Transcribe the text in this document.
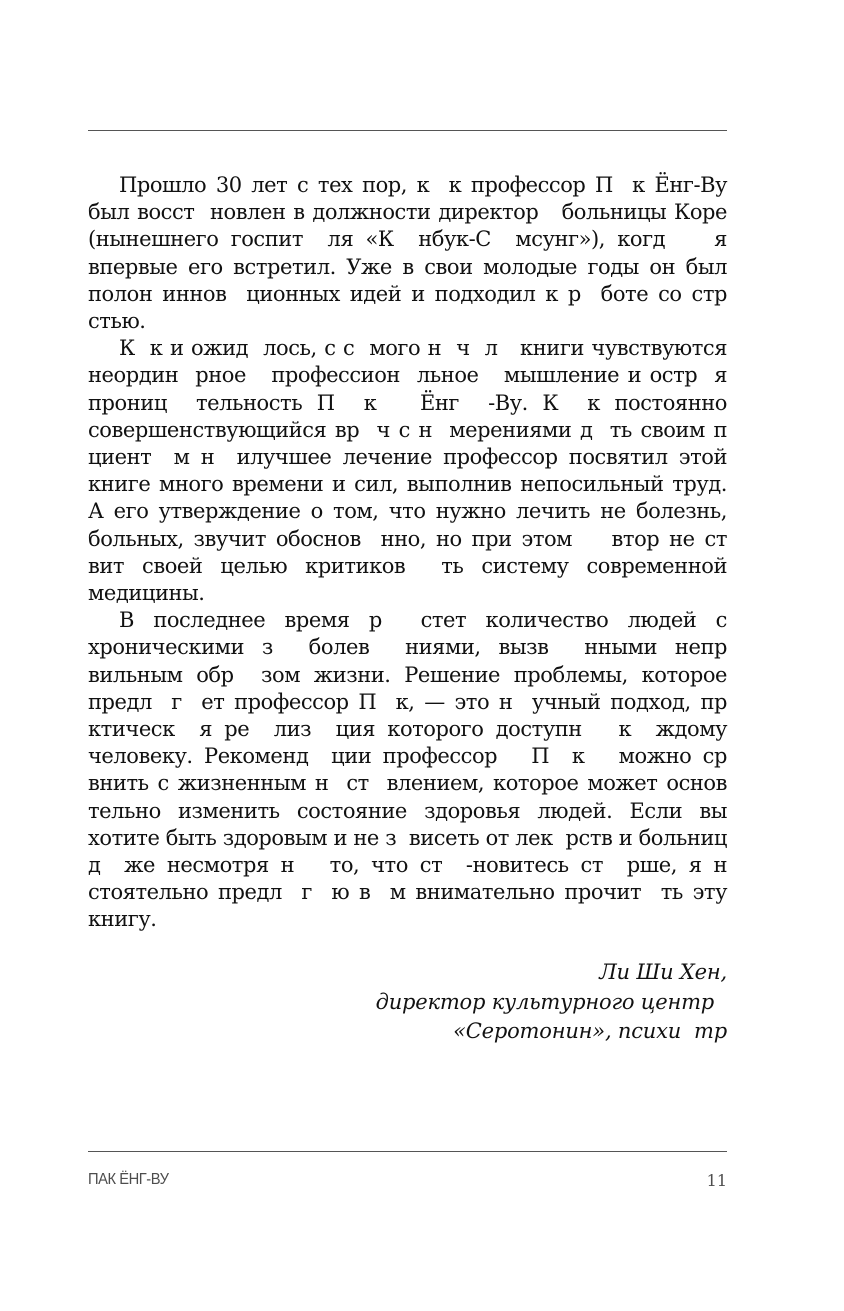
Прошло 30 лет с тех пор, к  к профессор П  к Ёнг-Ву был восст  новлен в должности директор   больницы Коре (нынешнего госпит  ля «К  нбук-С  мсунг»), когд    я впервые его встретил. Уже в свои молодые годы он был полон иннов  ционных идей и подходил к р  боте со стр  стью.

К  к и ожид  лось, с с  мого н  ч  л   книги чувствуются   неордин  рное   профессион  льное   мышление и остр  я прониц  тельность П  к   Ёнг  -Ву. К  к постоянно совершенствующийся вр  ч с н  мерениями д  ть своим п  циент  м н  илучшее лечение профессор посвятил этой книге много времени и сил, выполнив непосильный труд. А его утверждение о том, что нужно лечить не болезнь,     больных, звучит обоснов  нно, но при этом    втор не ст  вит своей целью критиков  ть систему современной медицины.

В последнее время р  стет количество людей с хроническими з  болев  ниями, вызв  нными непр  вильным обр  зом жизни. Решение проблемы, которое предл  г  ет профессор П  к, — это н  учный подход, пр  ктическ  я ре  лиз  ция которого доступн   к  ждому человеку. Рекоменд  ции профессор   П  к   можно ср  внить с жизненным н  ст  влением, которое может основ  тельно изменить состояние здоровья людей. Если вы хотите быть здоровым и не з  висеть от лек  рств и больниц д  же несмотря н   то, что ст  -новитесь ст  рше, я н  стоятельно предл  г  ю в  м внимательно прочит  ть эту книгу.

Ли Ши Хен,
директор культурного центр
«Серотонин», психи  тр
ПАК ЁНГ-ВУ	11
